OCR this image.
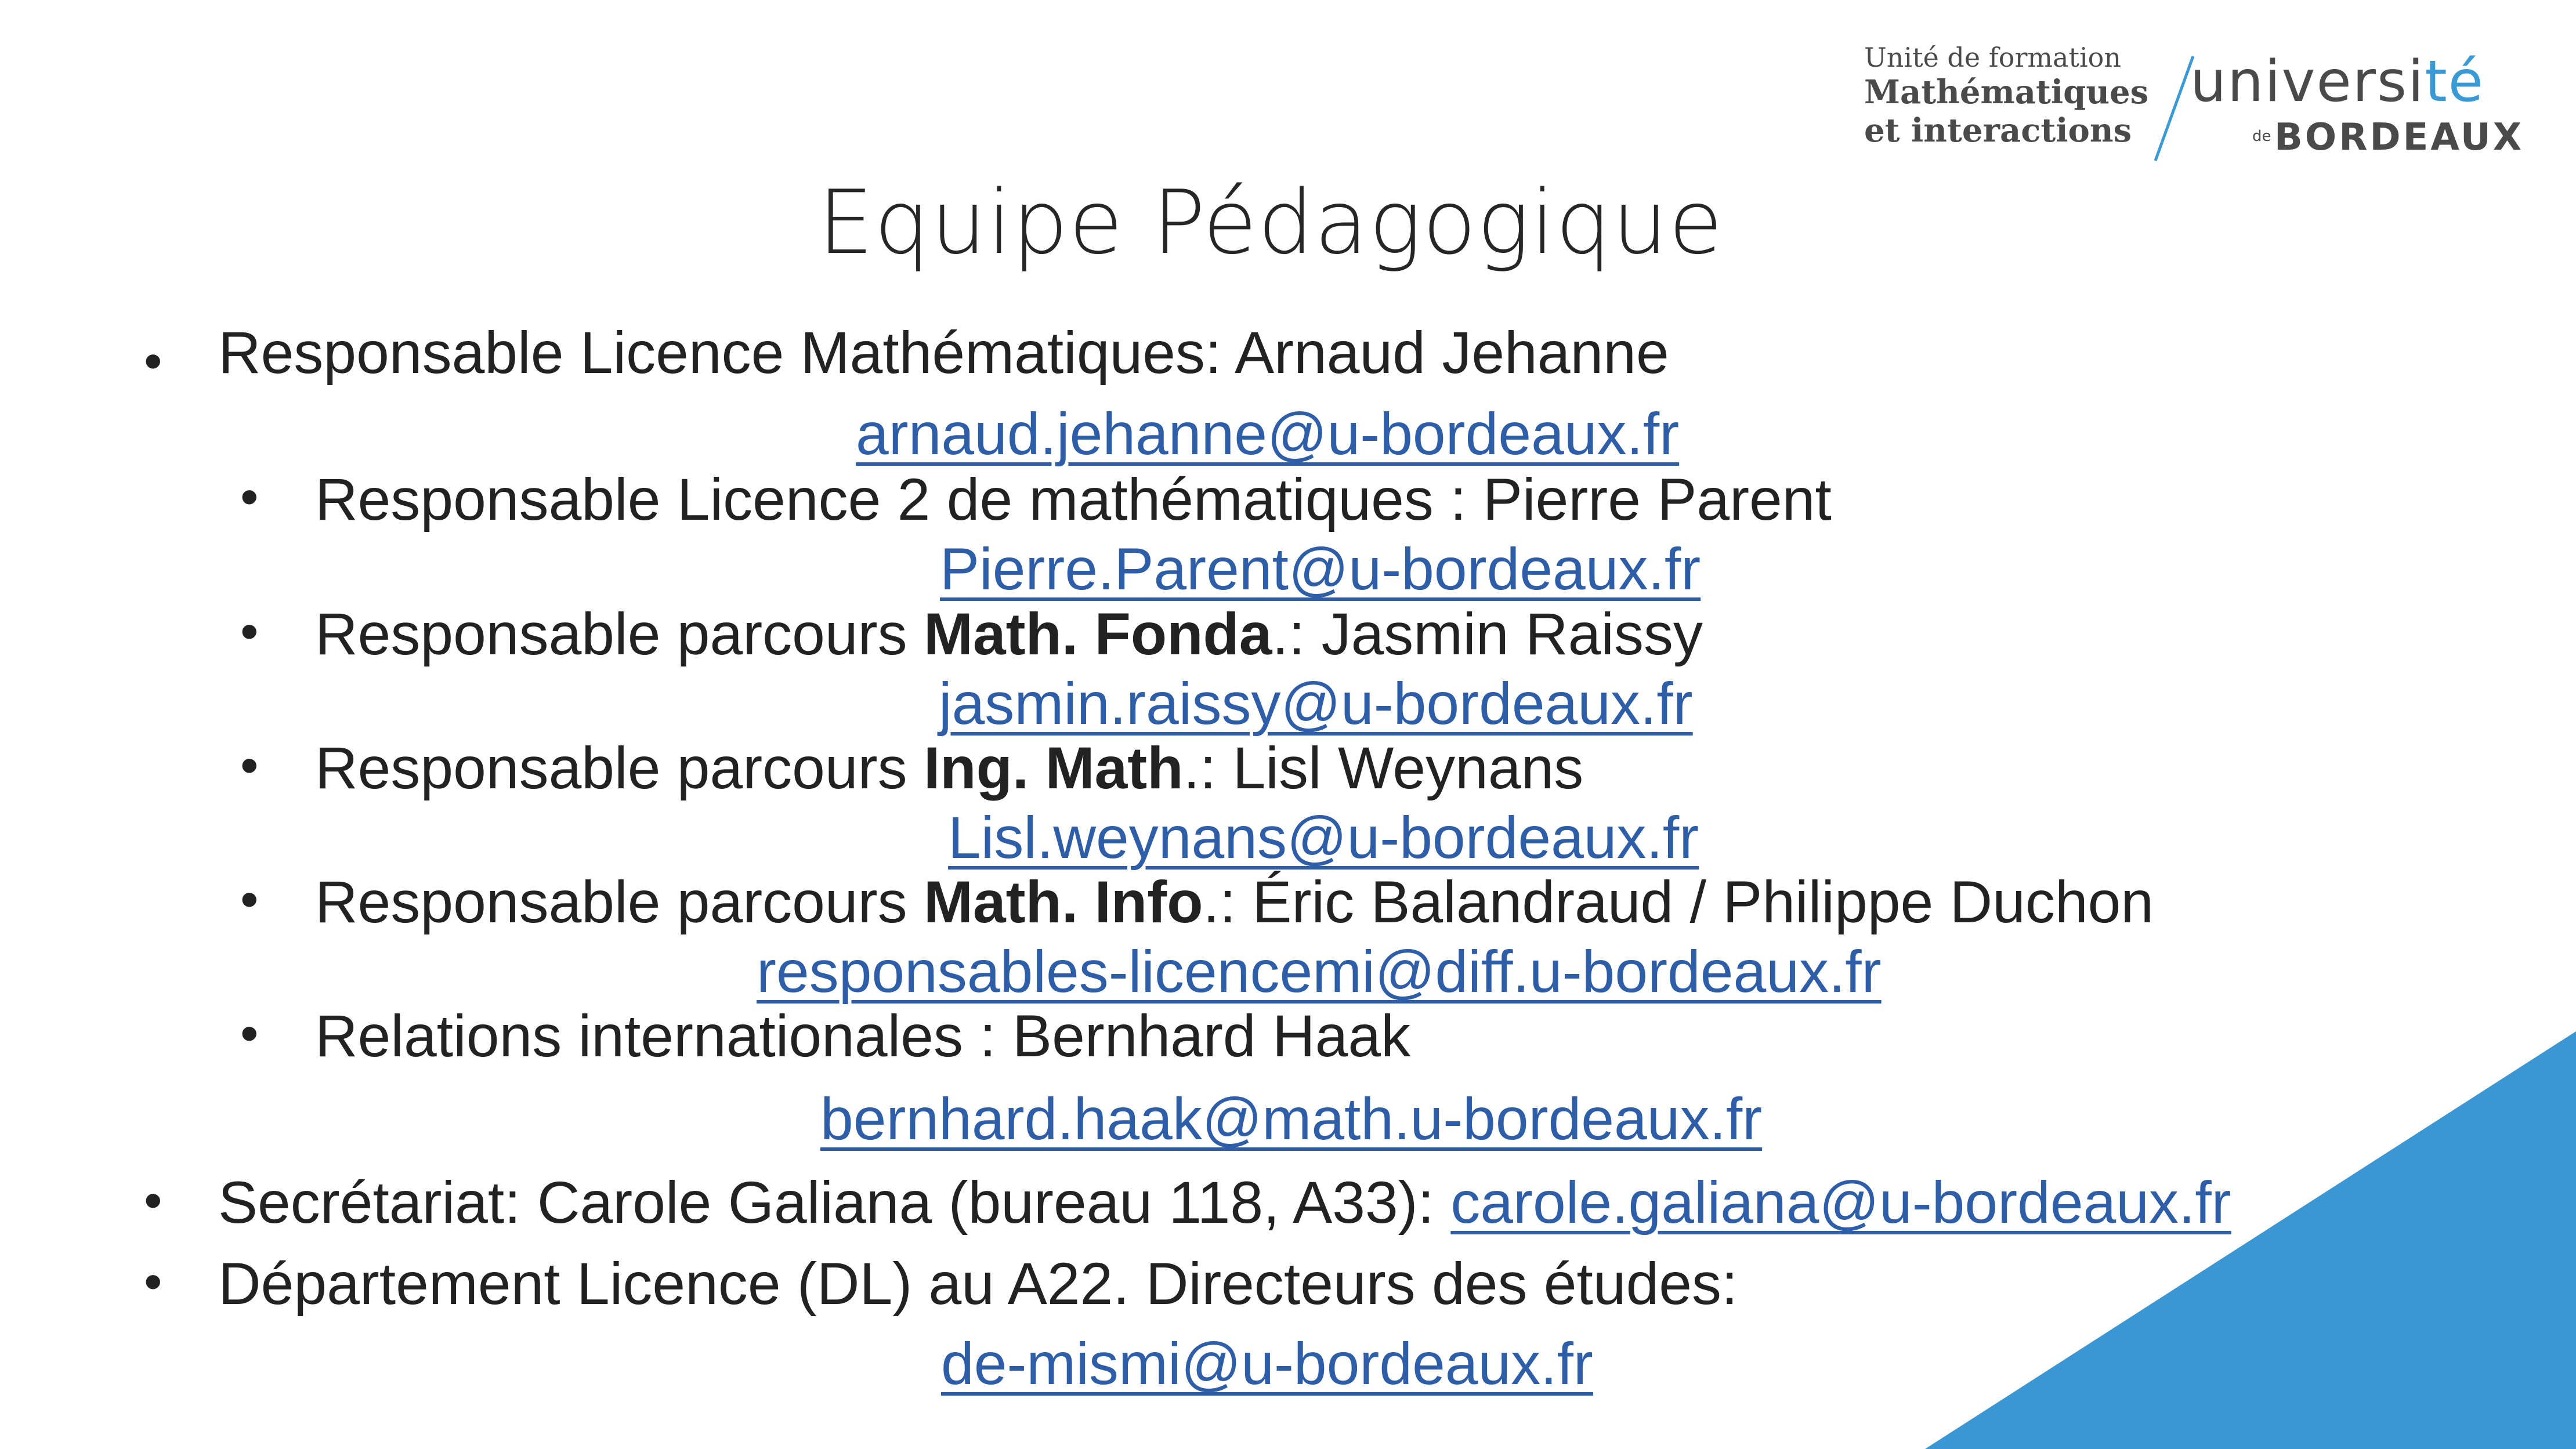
Unité de formation
Mathématiques
et interactions
université
de BORDEAUX
Equipe Pédagogique
• Responsable Licence Mathématiques: Arnaud Jehanne
arnaud.jehanne@u-bordeaux.fr
• Responsable Licence 2 de mathématiques : Pierre Parent
Pierre.Parent@u-bordeaux.fr
• Responsable parcours Math. Fonda.: Jasmin Raissy
jasmin.raissy@u-bordeaux.fr
• Responsable parcours Ing. Math.: Lisl Weynans
Lisl.weynans@u-bordeaux.fr
• Responsable parcours Math. Info.: Éric Balandraud / Philippe Duchon
responsables-licencemi@diff.u-bordeaux.fr
• Relations internationales : Bernhard Haak
bernhard.haak@math.u-bordeaux.fr
• Secrétariat: Carole Galiana (bureau 118, A33): carole.galiana@u-bordeaux.fr
• Département Licence (DL) au A22. Directeurs des études:
de-mismi@u-bordeaux.fr
